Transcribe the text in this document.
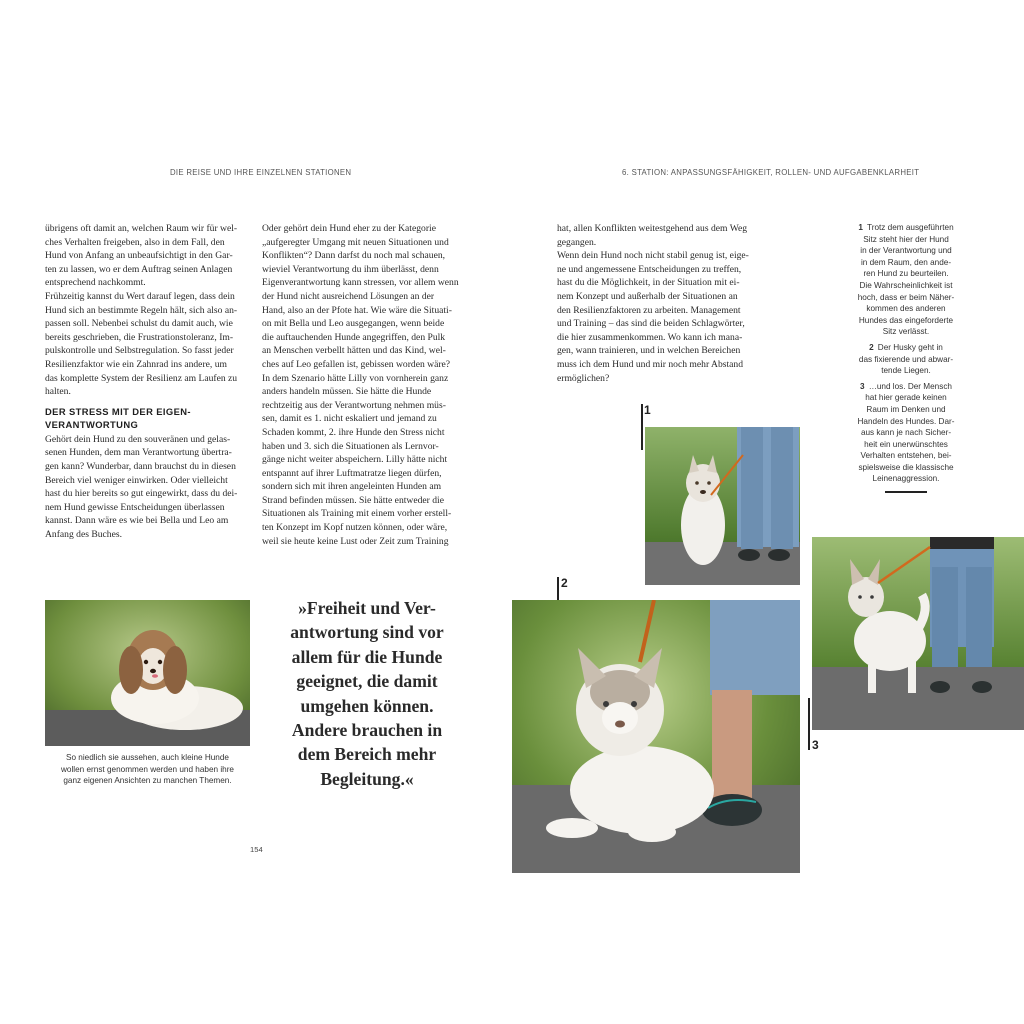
DIE REISE UND IHRE EINZELNEN STATIONEN
übrigens oft damit an, welchen Raum wir für wel-
ches Verhalten freigeben, also in dem Fall, den
Hund von Anfang an unbeaufsichtigt in den Gar-
ten zu lassen, wo er dem Auftrag seinen Anlagen
entsprechend nachkommt.
Frühzeitig kannst du Wert darauf legen, dass dein
Hund sich an bestimmte Regeln hält, sich also an-
passen soll. Nebenbei schulst du damit auch, wie
bereits geschrieben, die Frustrationstoleranz, Im-
pulskontrolle und Selbstregulation. So fasst jeder
Resilienzfaktor wie ein Zahnrad ins andere, um
das komplette System der Resilienz am Laufen zu
halten.
DER STRESS MIT DER EIGEN-
VERANTWORTUNG
Gehört dein Hund zu den souveränen und gelas-
senen Hunden, dem man Verantwortung übertra-
gen kann? Wunderbar, dann brauchst du in diesen
Bereich viel weniger einwirken. Oder vielleicht
hast du hier bereits so gut eingewirkt, dass du dei-
nem Hund gewisse Entscheidungen überlassen
kannst. Dann wäre es wie bei Bella und Leo am
Anfang des Buches.
Oder gehört dein Hund eher zu der Kategorie
„aufgeregter Umgang mit neuen Situationen und
Konflikten“? Dann darfst du noch mal schauen,
wieviel Verantwortung du ihm überlässt, denn
Eigenverantwortung kann stressen, vor allem wenn
der Hund nicht ausreichend Lösungen an der
Hand, also an der Pfote hat. Wie wäre die Situati-
on mit Bella und Leo ausgegangen, wenn beide
die auftauchenden Hunde angegriffen, den Pulk
an Menschen verbellt hätten und das Kind, wel-
ches auf Leo gefallen ist, gebissen worden wäre?
In dem Szenario hätte Lilly von vornherein ganz
anders handeln müssen. Sie hätte die Hunde
rechtzeitig aus der Verantwortung nehmen müs-
sen, damit es 1. nicht eskaliert und jemand zu
Schaden kommt, 2. ihre Hunde den Stress nicht
haben und 3. sich die Situationen als Lernvor-
gänge nicht weiter abspeichern. Lilly hätte nicht
entspannt auf ihrer Luftmatratze liegen dürfen,
sondern sich mit ihren angeleinten Hunden am
Strand befinden müssen. Sie hätte entweder die
Situationen als Training mit einem vorher erstell-
ten Konzept im Kopf nutzen können, oder wäre,
weil sie heute keine Lust oder Zeit zum Training
So niedlich sie aussehen, auch kleine Hunde
wollen ernst genommen werden und haben ihre
ganz eigenen Ansichten zu manchen Themen.
»Freiheit und Ver-
antwortung sind vor
allem für die Hunde
geeignet, die damit
umgehen können.
Andere brauchen in
dem Bereich mehr
Begleitung.«
154
6. STATION: ANPASSUNGSFÄHIGKEIT, ROLLEN- UND AUFGABENKLARHEIT
hat, allen Konflikten weitestgehend aus dem Weg
gegangen.
Wenn dein Hund noch nicht stabil genug ist, eige-
ne und angemessene Entscheidungen zu treffen,
hast du die Möglichkeit, in der Situation mit ei-
nem Konzept und außerhalb der Situationen an
den Resilienzfaktoren zu arbeiten. Management
und Training – das sind die beiden Schlagwörter,
die hier zusammenkommen. Wo kann ich mana-
gen, wann trainieren, und in welchen Bereichen
muss ich dem Hund und mir noch mehr Abstand
ermöglichen?

1  Trotz dem ausgeführten
Sitz steht hier der Hund
in der Verantwortung und
in dem Raum, den ande-
ren Hund zu beurteilen.
Die Wahrscheinlichkeit ist
hoch, dass er beim Näher-
kommen des anderen
Hundes das eingeforderte
Sitz verlässt.

2  Der Husky geht in
das fixierende und abwar-
tende Liegen.

3  …und los. Der Mensch
hat hier gerade keinen
Raum im Denken und
Handeln des Hundes. Dar-
aus kann je nach Sicher-
heit ein unerwünschtes
Verhalten entstehen, bei-
spielsweise die klassische
Leinenaggression.

1
2
3
